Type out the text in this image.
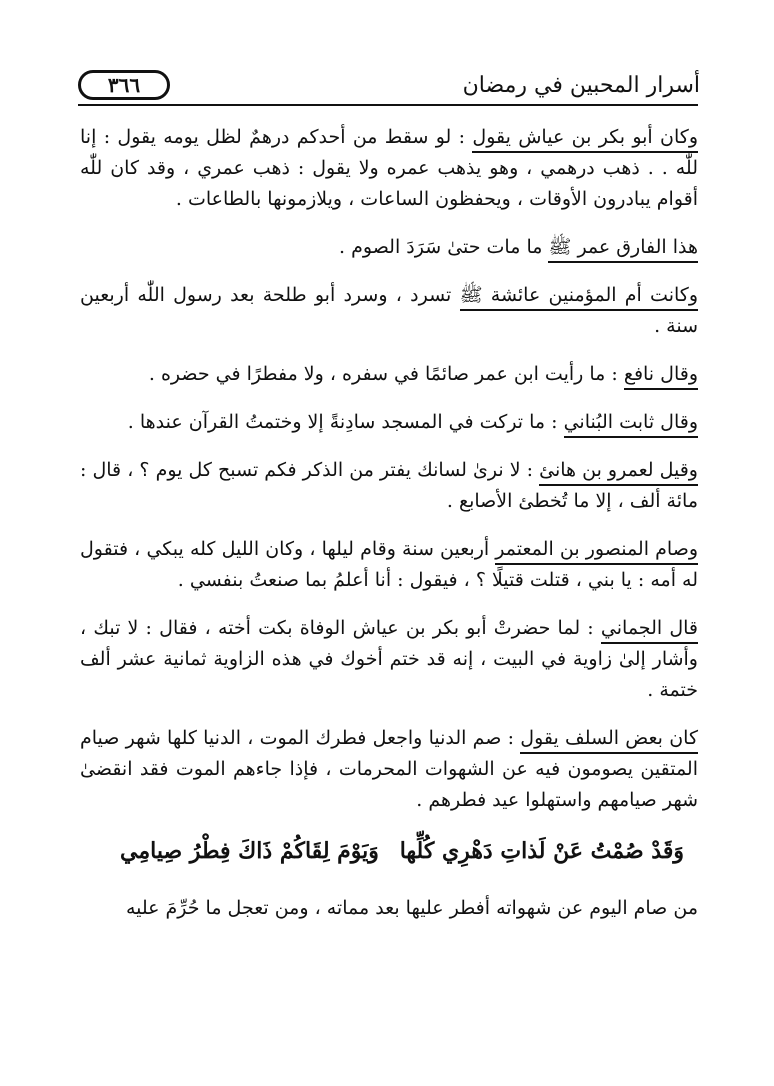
أسرار المحبين في رمضان
٣٦٦

وكان أبو بكر بن عياش يقول : لو سقط من أحدكم درهمٌ لظل يومه يقول : إنا للّٰه . . ذهب درهمي ، وهو يذهب عمره ولا يقول : ذهب عمري ، وقد كان للّٰه أقوام يبادرون الأوقات ، ويحفظون الساعات ، ويلازمونها بالطاعات .

هذا الفارق عمر ﷺ ما مات حتىٰ سَرَدَ الصوم .

وكانت أم المؤمنين عائشة ﷺ تسرد ، وسرد أبو طلحة بعد رسول اللّٰه أربعين سنة .

وقال نافع : ما رأيت ابن عمر صائمًا في سفره ، ولا مفطرًا في حضره .

وقال ثابت البُناني : ما تركت في المسجد سادِنةً إلا وختمتُ القرآن عندها .

وقيل لعمرو بن هانئ : لا نرىٰ لسانك يفتر من الذكر فكم تسبح كل يوم ؟ ، قال : مائة ألف ، إلا ما تُخطئ الأصابع .

وصام المنصور بن المعتمر أربعين سنة وقام ليلها ، وكان الليل كله يبكي ، فتقول له أمه : يا بني ، قتلت قتيلًا ؟ ، فيقول : أنا أعلمُ بما صنعتُ بنفسي .

قال الجماني : لما حضرتْ أبو بكر بن عياش الوفاة بكت أخته ، فقال : لا تبك ، وأشار إلىٰ زاوية في البيت ، إنه قد ختم أخوك في هذه الزاوية ثمانية عشر ألف ختمة .

كان بعض السلف يقول : صم الدنيا واجعل فطرك الموت ، الدنيا كلها شهر صيام المتقين يصومون فيه عن الشهوات المحرمات ، فإذا جاءهم الموت فقد انقضىٰ شهر صيامهم واستهلوا عيد فطرهم .

وَقَدْ صُمْتُ عَنْ لَذاتِ دَهْرِي كُلِّها
وَيَوْمَ لِقَاكُمْ ذَاكَ فِطْرُ صِيامِي

من صام اليوم عن شهواته أفطر عليها بعد مماته ، ومن تعجل ما حُرِّمَ عليه
